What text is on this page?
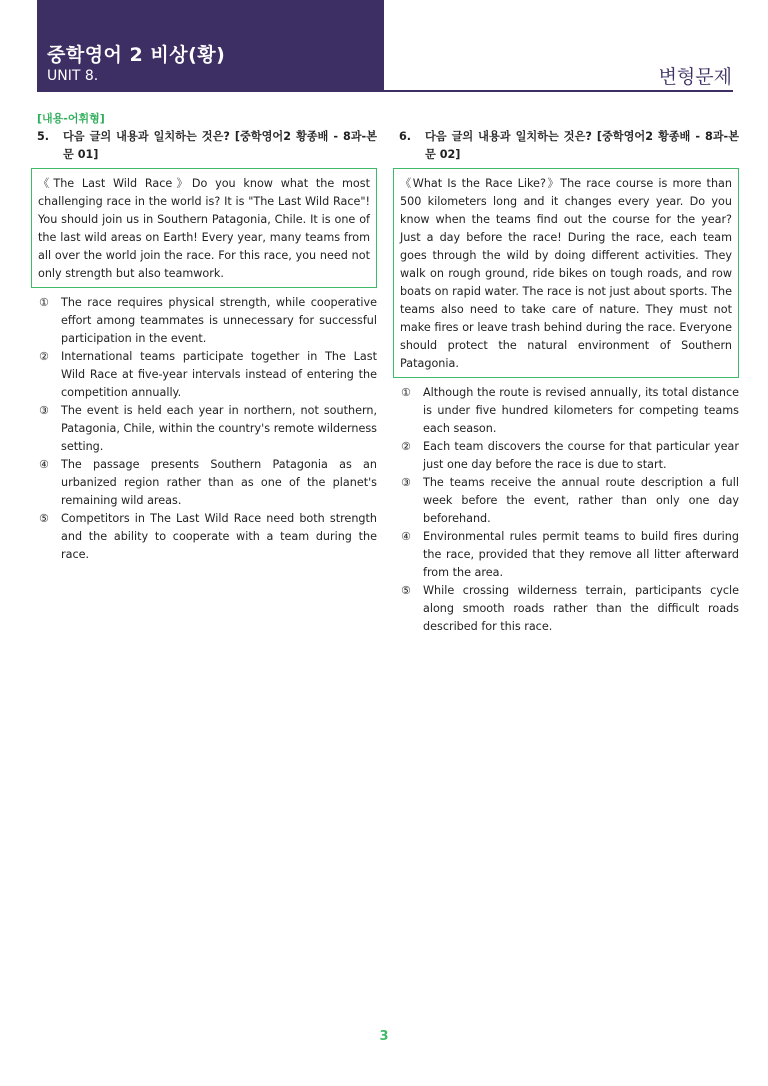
중학영어 2 비상(황)
UNIT 8.	변형문제
[내용-어휘형]
5.	다음 글의 내용과 일치하는 것은? [중학영어2 황종배 - 8과-본문 01]
《The Last Wild Race》Do you know what the most challenging race in the world is? It is "The Last Wild Race"! You should join us in Southern Patagonia, Chile. It is one of the last wild areas on Earth! Every year, many teams from all over the world join the race. For this race, you need not only strength but also teamwork.
①	The race requires physical strength, while cooperative effort among teammates is unnecessary for successful participation in the event.
②	International teams participate together in The Last Wild Race at five-year intervals instead of entering the competition annually.
③	The event is held each year in northern, not southern, Patagonia, Chile, within the country's remote wilderness setting.
④	The passage presents Southern Patagonia as an urbanized region rather than as one of the planet's remaining wild areas.
⑤	Competitors in The Last Wild Race need both strength and the ability to cooperate with a team during the race.
6.	다음 글의 내용과 일치하는 것은? [중학영어2 황종배 - 8과-본문 02]
《What Is the Race Like?》The race course is more than 500 kilometers long and it changes every year. Do you know when the teams find out the course for the year? Just a day before the race! During the race, each team goes through the wild by doing different activities. They walk on rough ground, ride bikes on tough roads, and row boats on rapid water. The race is not just about sports. The teams also need to take care of nature. They must not make fires or leave trash behind during the race. Everyone should protect the natural environment of Southern Patagonia.
①	Although the route is revised annually, its total distance is under five hundred kilometers for competing teams each season.
②	Each team discovers the course for that particular year just one day before the race is due to start.
③	The teams receive the annual route description a full week before the event, rather than only one day beforehand.
④	Environmental rules permit teams to build fires during the race, provided that they remove all litter afterward from the area.
⑤	While crossing wilderness terrain, participants cycle along smooth roads rather than the difficult roads described for this race.
3
